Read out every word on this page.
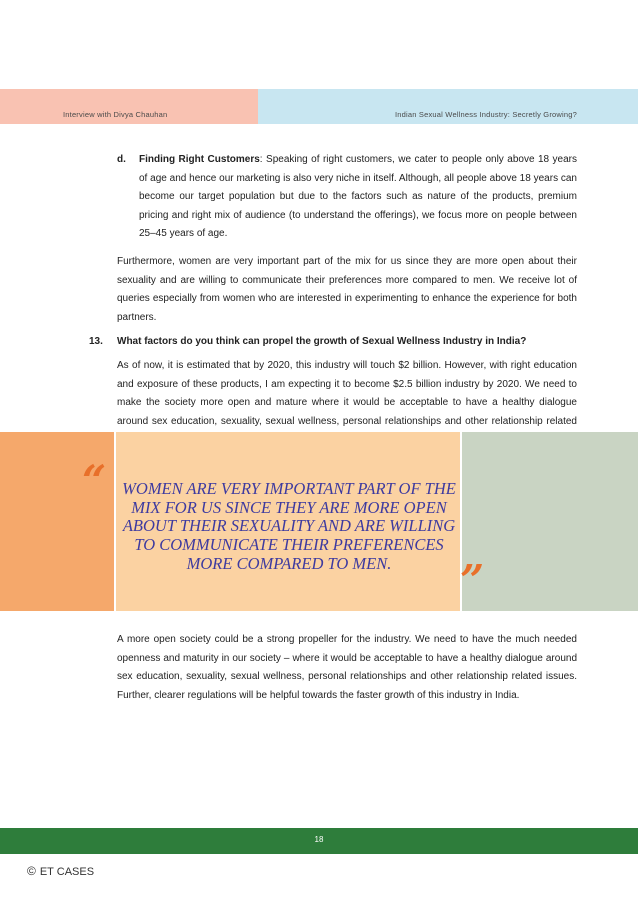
Interview with Divya Chauhan	Indian Sexual Wellness Industry: Secretly Growing?
d. Finding Right Customers: Speaking of right customers, we cater to people only above 18 years of age and hence our marketing is also very niche in itself. Although, all people above 18 years can become our target population but due to the factors such as nature of the products, premium pricing and right mix of audience (to understand the offerings), we focus more on people between 25–45 years of age.
Furthermore, women are very important part of the mix for us since they are more open about their sexuality and are willing to communicate their preferences more compared to men. We receive lot of queries especially from women who are interested in experimenting to enhance the experience for both partners.
13. What factors do you think can propel the growth of Sexual Wellness Industry in India?
As of now, it is estimated that by 2020, this industry will touch $2 billion. However, with right education and exposure of these products, I am expecting it to become $2.5 billion industry by 2020. We need to make the society more open and mature where it would be acceptable to have a healthy dialogue around sex education, sexuality, sexual wellness, personal relationships and other relationship related
“ WOMEN ARE VERY IMPORTANT PART OF THE MIX FOR US SINCE THEY ARE MORE OPEN ABOUT THEIR SEXUALITY AND ARE WILLING TO COMMUNICATE THEIR PREFERENCES MORE COMPARED TO MEN.	”
A more open society could be a strong propeller for the industry. We need to have the much needed openness and maturity in our society – where it would be acceptable to have a healthy dialogue around sex education, sexuality, sexual wellness, personal relationships and other relationship related issues. Further, clearer regulations will be helpful towards the faster growth of this industry in India.
18
© ET CASES
